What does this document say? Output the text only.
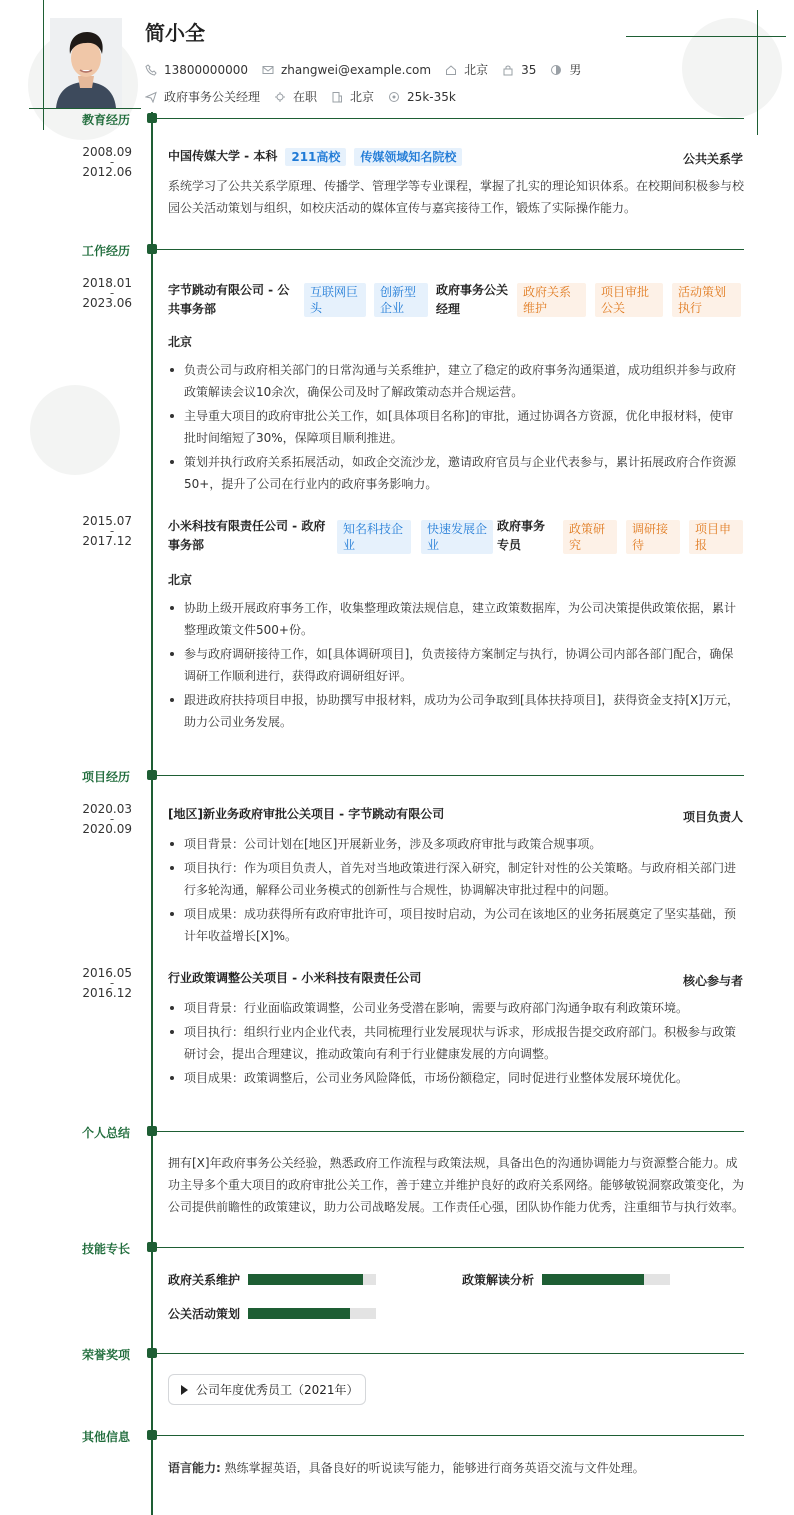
简小全
13800000000	zhangwei@example.com	北京	35	男
政府事务公关经理	在职	北京	25k-35k
教育经历
2008.09
-
2012.06
中国传媒大学 - 本科	211高校	传媒领域知名院校	公共关系学
系统学习了公共关系学原理、传播学、管理学等专业课程，掌握了扎实的理论知识体系。在校期间积极参与校园公关活动策划与组织，如校庆活动的媒体宣传与嘉宾接待工作，锻炼了实际操作能力。
工作经历
2018.01
-
2023.06
字节跳动有限公司 - 公共事务部
互联网巨头
创新型企业
政府事务公关经理
政府关系维护
项目审批公关
活动策划执行
北京
负责公司与政府相关部门的日常沟通与关系维护，建立了稳定的政府事务沟通渠道，成功组织并参与政府政策解读会议10余次，确保公司及时了解政策动态并合规运营。
主导重大项目的政府审批公关工作，如[具体项目名称]的审批，通过协调各方资源，优化申报材料，使审批时间缩短了30%，保障项目顺利推进。
策划并执行政府关系拓展活动，如政企交流沙龙，邀请政府官员与企业代表参与，累计拓展政府合作资源50+，提升了公司在行业内的政府事务影响力。
2015.07
-
2017.12
小米科技有限责任公司 - 政府事务部
知名科技企业
快速发展企业
政府事务专员
政策研究
调研接待
项目申报
北京
协助上级开展政府事务工作，收集整理政策法规信息，建立政策数据库，为公司决策提供政策依据，累计整理政策文件500+份。
参与政府调研接待工作，如[具体调研项目]，负责接待方案制定与执行，协调公司内部各部门配合，确保调研工作顺利进行，获得政府调研组好评。
跟进政府扶持项目申报，协助撰写申报材料，成功为公司争取到[具体扶持项目]，获得资金支持[X]万元，助力公司业务发展。
项目经历
2020.03
-
2020.09
[地区]新业务政府审批公关项目 - 字节跳动有限公司	项目负责人
项目背景：公司计划在[地区]开展新业务，涉及多项政府审批与政策合规事项。
项目执行：作为项目负责人，首先对当地政策进行深入研究，制定针对性的公关策略。与政府相关部门进行多轮沟通，解释公司业务模式的创新性与合规性，协调解决审批过程中的问题。
项目成果：成功获得所有政府审批许可，项目按时启动，为公司在该地区的业务拓展奠定了坚实基础，预计年收益增长[X]%。
2016.05
-
2016.12
行业政策调整公关项目 - 小米科技有限责任公司	核心参与者
项目背景：行业面临政策调整，公司业务受潜在影响，需要与政府部门沟通争取有利政策环境。
项目执行：组织行业内企业代表，共同梳理行业发展现状与诉求，形成报告提交政府部门。积极参与政策研讨会，提出合理建议，推动政策向有利于行业健康发展的方向调整。
项目成果：政策调整后，公司业务风险降低，市场份额稳定，同时促进行业整体发展环境优化。
个人总结
拥有[X]年政府事务公关经验，熟悉政府工作流程与政策法规，具备出色的沟通协调能力与资源整合能力。成功主导多个重大项目的政府审批公关工作，善于建立并维护良好的政府关系网络。能够敏锐洞察政策变化，为公司提供前瞻性的政策建议，助力公司战略发展。工作责任心强，团队协作能力优秀，注重细节与执行效率。
技能专长
政府关系维护	政策解读分析
公关活动策划
荣誉奖项
公司年度优秀员工（2021年）
其他信息
语言能力: 熟练掌握英语，具备良好的听说读写能力，能够进行商务英语交流与文件处理。
